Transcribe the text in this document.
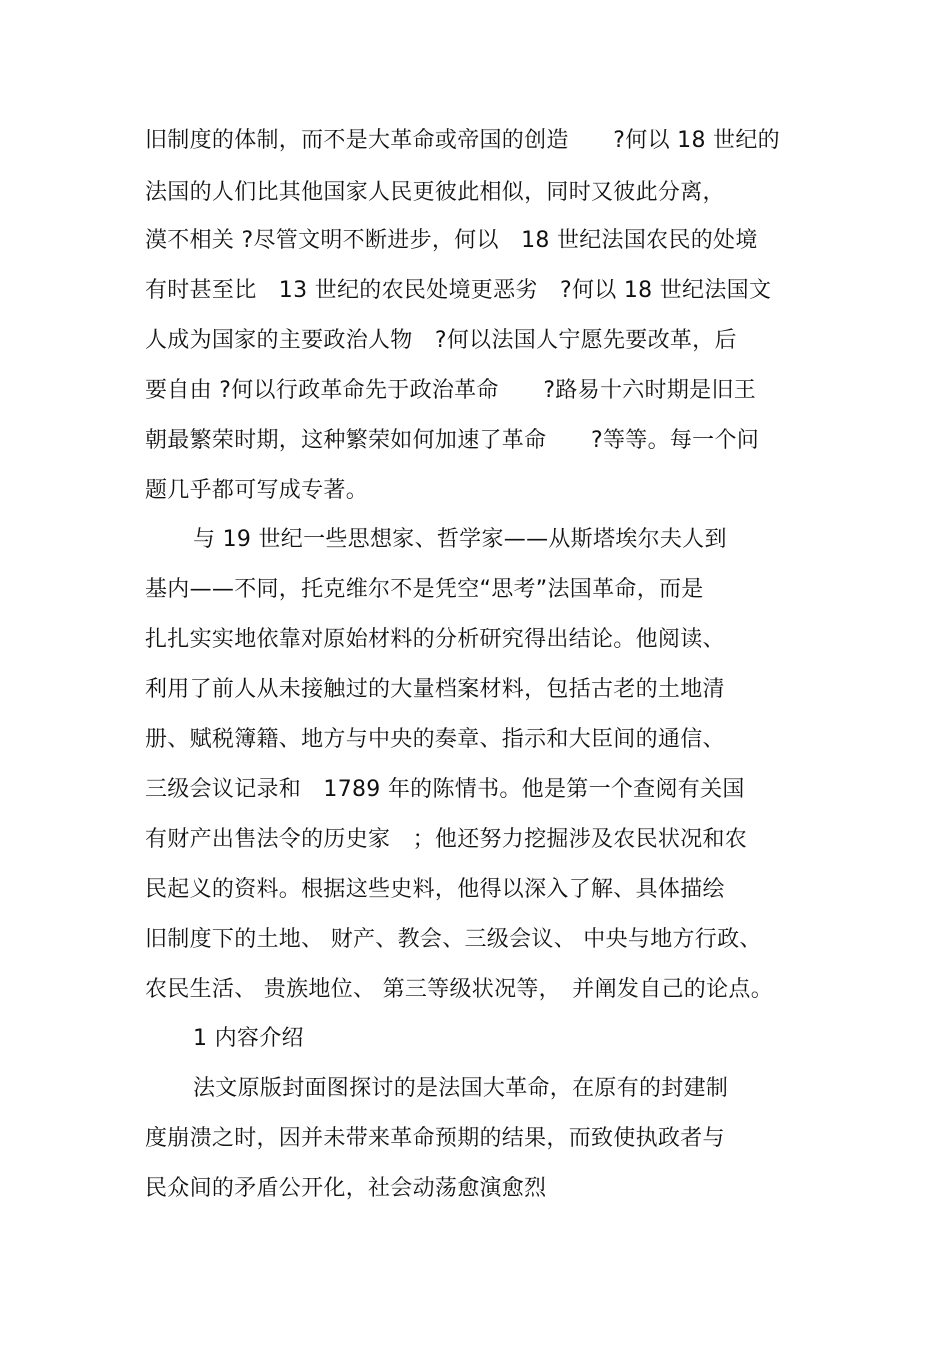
旧制度的体制，而不是大革命或帝国的创造　　?何以 18 世纪的
法国的人们比其他国家人民更彼此相似，同时又彼此分离，
漠不相关 ?尽管文明不断进步，何以　18 世纪法国农民的处境
有时甚至比　13 世纪的农民处境更恶劣　?何以 18 世纪法国文
人成为国家的主要政治人物　?何以法国人宁愿先要改革，后
要自由 ?何以行政革命先于政治革命　　?路易十六时期是旧王
朝最繁荣时期，这种繁荣如何加速了革命　　?等等。每一个问
题几乎都可写成专著。
与 19 世纪一些思想家、哲学家——从斯塔埃尔夫人到
基内——不同，托克维尔不是凭空“思考”法国革命，而是
扎扎实实地依靠对原始材料的分析研究得出结论。他阅读、
利用了前人从未接触过的大量档案材料，包括古老的土地清
册、赋税簿籍、地方与中央的奏章、指示和大臣间的通信、
三级会议记录和　1789 年的陈情书。他是第一个查阅有关国
有财产出售法令的历史家　；他还努力挖掘涉及农民状况和农
民起义的资料。根据这些史料，他得以深入了解、具体描绘
旧制度下的土地、 财产、教会、三级会议、 中央与地方行政、
农民生活、 贵族地位、 第三等级状况等，　并阐发自己的论点。
1 内容介绍
法文原版封面图探讨的是法国大革命，在原有的封建制
度崩溃之时，因并未带来革命预期的结果，而致使执政者与
民众间的矛盾公开化，社会动荡愈演愈烈
